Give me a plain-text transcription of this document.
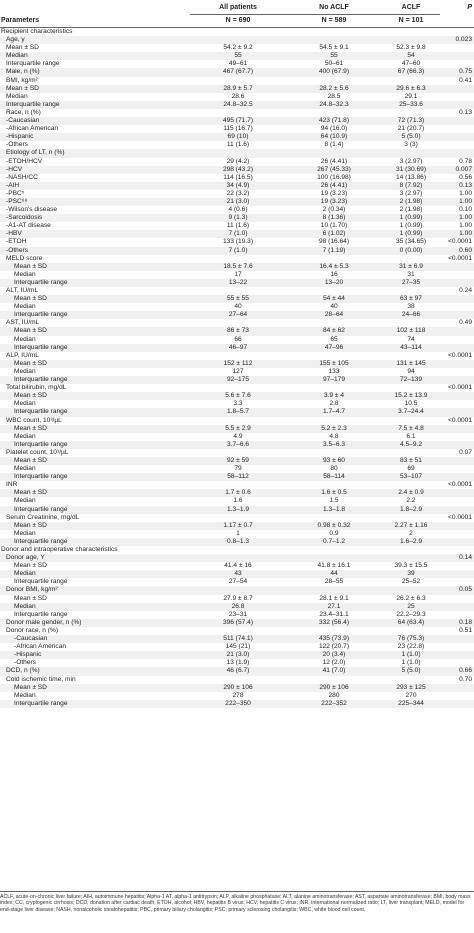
	All patients	No ACLF	ACLF	P
Parameters	N = 690	N = 589	N = 101	
Recipient characteristics				
Age, y				0.023
Mean ± SD	54.2 ± 9.2	54.5 ± 9.1	52.3 ± 9.8	
Median	55	55	54	
Interquartile range	49–61	50–61	47–60	
Male, n (%)	467 (67.7)	400 (67.9)	67 (66.3)	0.75
BMI, kg/m²				0.41
Mean ± SD	28.9 ± 5.7	28.2 ± 5.6	29.6 ± 6.3	
Median	28.6	28.5	29.1	
Interquartile range	24.8–32.5	24.8–32.3	25–33.6	
Race, n (%)				0.13
-Caucasian	495 (71.7)	423 (71.8)	72 (71.3)	
-African American	115 (16.7)	94 (16.0)	21 (20.7)	
-Hispanic	69 (10)	64 (10.9)	5 (5.0)	
-Others	11 (1.6)	8 (1.4)	3 (3)	
Etiology of LT, n (%)				
-ETOH/HCV	29 (4.2)	26 (4.41)	3 (2.97)	0.78
-HCV	298 (43.2)	267 (45.33)	31 (30.69)	0.007
-NASH/CC	114 (16.5)	100 (16.98)	14 (13.86)	0.56
-AIH	34 (4.9)	26 (4.41)	8 (7.92)	0.13
-PBC⁵	22 (3.2)	19 (3.23)	3 (2.97)	1.00
-PSC⁶⁸	21 (3.0)	19 (3.23)	2 (1.98)	1.00
-Wilson's disease	4 (0.6)	2 (0.34)	2 (1.98)	0.10
-Sarcoidosis	9 (1.3)	8 (1.36)	1 (0.99)	1.00
-A1-AT disease	11 (1.6)	10 (1.70)	1 (0.99)	1.00
-HBV	7 (1.0)	6 (1.02)	1 (0.99)	1.00
-ETOH	133 (19.3)	98 (16.64)	35 (34.65)	<0.0001
-Others	7 (1.0)	7 (1.19)	0 (0.00)	0.60
MELD score				<0.0001
Mean ± SD	18.5 ± 7.6	16.4 ± 5.3	31 ± 6.9	
Median	17	16	31	
Interquartile range	13–22	13–20	27–35	
ALT, IU/mL				0.24
Mean ± SD	55 ± 55	54 ± 44	63 ± 97	
Median	40	40	38	
Interquartile range	27–64	28–64	24–66	
AST, IU/mL				0.49
Mean ± SD	86 ± 73	84 ± 62	102 ± 118	
Median	66	65	74	
Interquartile range	46–97	47–96	43–114	
ALP, IU/mL				<0.0001
Mean ± SD	152 ± 112	155 ± 105	131 ± 145	
Median	127	133	94	
Interquartile range	92–175	97–179	72–139	
Total bilirubin, mg/dL				<0.0001
Mean ± SD	5.6 ± 7.6	3.9 ± 4	15.2 ± 13.9	
Median	3.3	2.8	10.5	
Interquartile range	1.8–5.7	1.7–4.7	3.7–24.4	
WBC count, 10³/µL				<0.0001
Mean ± SD	5.5 ± 2.9	5.2 ± 2.3	7.5 ± 4.8	
Median	4.9	4.8	6.1	
Interquartile range	3.7–6.6	3.5–6.3	4.5–9.2	
Platelet count, 10³/µL				0.07
Mean ± SD	92 ± 59	93 ± 60	83 ± 51	
Median	79	80	69	
Interquartile range	58–112	58–114	53–107	
INR				<0.0001
Mean ± SD	1.7 ± 0.6	1.6 ± 0.5	2.4 ± 0.9	
Median	1.6	1.5	2.2	
Interquartile range	1.3–1.9	1.3–1.8	1.8–2.9	
Serum Creatinine, mg/dL				<0.0001
Mean ± SD	1.17 ± 0.7	0.98 ± 0.32	2.27 ± 1.16	
Median	1	0.9	2	
Interquartile range	0.8–1.3	0.7–1.2	1.6–2.9	
Donor and intraoperative characteristics				
Donor age, Y				0.14
Mean ± SD	41.4 ± 16	41.8 ± 16.1	39.3 ± 15.5	
Median	43	44	39	
Interquartile range	27–54	28–55	25–52	
Donor BMI, kg/m²				0.05
Mean ± SD	27.9 ± 8.7	28.1 ± 9.1	26.2 ± 6.3	
Median	26.8	27.1	25	
Interquartile range	23–31	23.4–31.1	22.2–29.3	
Donor male gender, n (%)	396 (57.4)	332 (56.4)	64 (63.4)	0.18
Donor race, n (%)				0.51
-Caucasian	511 (74.1)	435 (73.9)	76 (75.3)	
-African American	145 (21)	122 (20.7)	23 (22.8)	
-Hispanic	21 (3.0)	20 (3.4)	1 (1.0)	
-Others	13 (1.9)	12 (2.0)	1 (1.0)	
DCD, n (%)	46 (6.7)	41 (7.0)	5 (5.0)	0.66
Cold ischemic time, min				0.70
Mean ± SD	290 ± 106	290 ± 106	293 ± 125	
Median	278	280	270	
Interquartile range	222–350	222–352	225–344	
ACLF, acute-on-chronic liver failure; AIH, autoimmune hepatitis; Alpha-1 AT, alpha-1 antitrypsin; ALP, alkaline phosphatase; ALT, alanine aminotransferase; AST, aspartate aminotransferase; BMI, body mass index; CC, cryptogenic cirrhosis; DCD, donation after cardiac death; ETOH, alcohol; HBV, hepatitis B virus; HCV, hepatitis C virus; INR, international normalized ratio; LT, liver transplant; MELD, model for end-stage liver disease; NASH, nonalcoholic steatohepatitis; PBC, primary biliary cholangitis; PSC, primary sclerosing cholangitis; WBC, white blood cell count.
